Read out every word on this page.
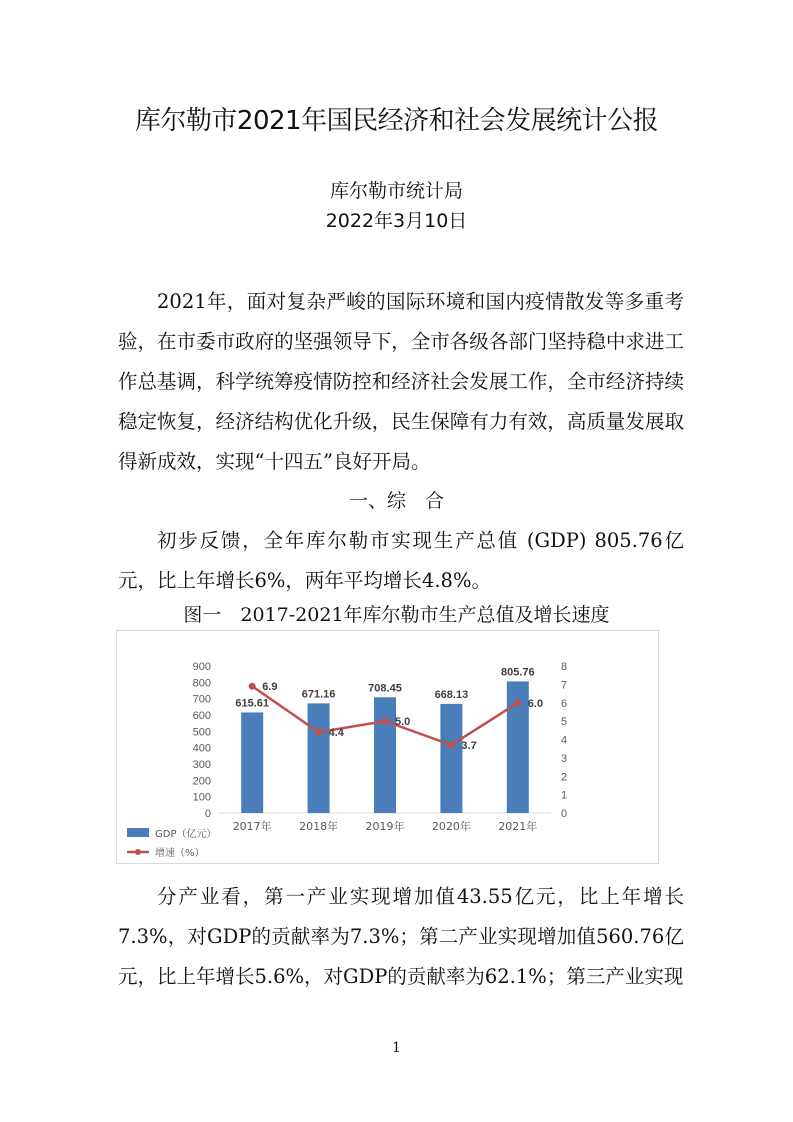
库尔勒市2021年国民经济和社会发展统计公报
库尔勒市统计局
2022年3月10日
2021年，面对复杂严峻的国际环境和国内疫情散发等多重考验，在市委市政府的坚强领导下，全市各级各部门坚持稳中求进工作总基调，科学统筹疫情防控和经济社会发展工作，全市经济持续稳定恢复，经济结构优化升级，民生保障有力有效，高质量发展取得新成效，实现“十四五”良好开局。
一、综　合
初步反馈，全年库尔勒市实现生产总值 (GDP) 805.76亿元，比上年增长6%，两年平均增长4.8%。
图一　2017-2021年库尔勒市生产总值及增长速度
0
100
200
300
400
500
600
700
800
900
0
1
2
3
4
5
6
7
8
615.61
671.16
708.45
668.13
805.76
2017年 2018年 2019年 2020年 2021年
6.9
4.4
5.0
3.7
6.0
GDP（亿元）
增速（%）
分产业看，第一产业实现增加值43.55亿元，比上年增长7.3%，对GDP的贡献率为7.3%；第二产业实现增加值560.76亿元，比上年增长5.6%，对GDP的贡献率为62.1%；第三产业实现
1
